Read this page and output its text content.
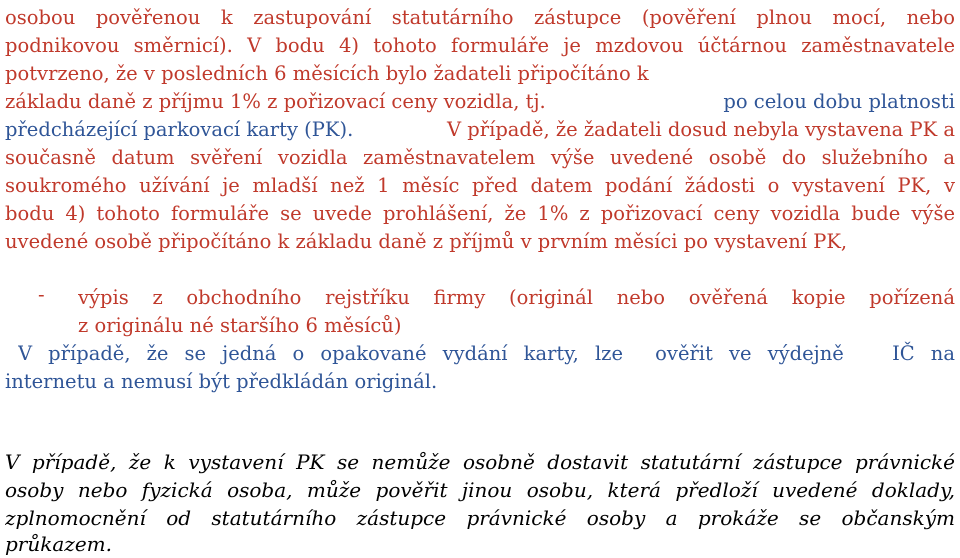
osobou pověřenou k zastupování statutárního zástupce (pověření plnou mocí, nebo
podnikovou směrnicí). V bodu 4) tohoto formuláře je mzdovou účtárnou zaměstnavatele
potvrzeno, že v posledních 6 měsících bylo žadateli připočítáno k
základu daně z příjmu 1% z pořizovací ceny vozidla, tj.	po celou dobu platnosti
předcházející parkovací karty (PK).	V případě, že žadateli dosud nebyla vystavena PK a
současně datum svěření vozidla zaměstnavatelem výše uvedené osobě do služebního a
soukromého užívání je mladší než 1 měsíc před datem podání žádosti o vystavení PK, v
bodu 4) tohoto formuláře se uvede prohlášení, že 1% z pořizovací ceny vozidla bude výše
uvedené osobě připočítáno k základu daně z příjmů v prvním měsíci po vystavení PK,
- výpis z obchodního rejstříku firmy (originál nebo ověřená kopie pořízená
z originálu né staršího 6 měsíců)
V případě, že se jedná o opakované vydání karty, lze  ověřit ve výdejně   IČ na
internetu a nemusí být předkládán originál.
V případě, že k vystavení PK se nemůže osobně dostavit statutární zástupce právnické
osoby nebo fyzická osoba, může pověřit jinou osobu, která předloží uvedené doklady,
zplnomocnění od statutárního zástupce právnické osoby a prokáže se občanským
průkazem.
